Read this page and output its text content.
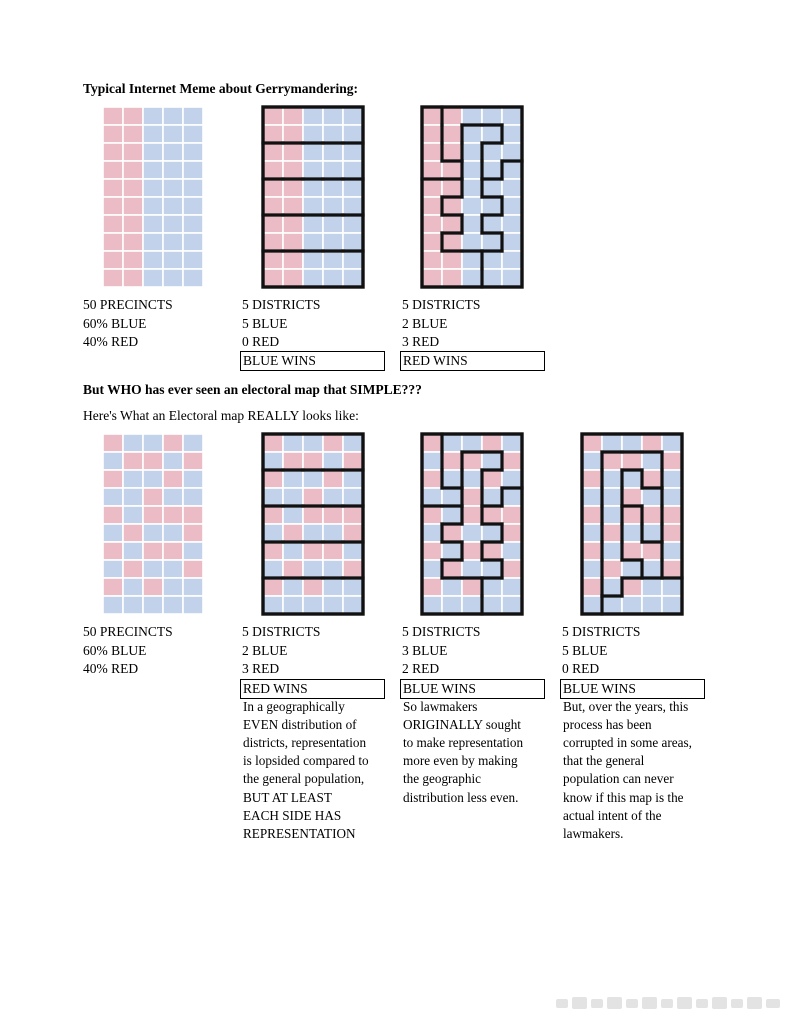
Typical Internet Meme about Gerrymandering:
But WHO has ever seen an electoral map that SIMPLE???
Here's What an Electoral map REALLY looks like:
50 PRECINCTS
60% BLUE
40% RED
5 DISTRICTS
5 BLUE
0 RED
BLUE WINS
5 DISTRICTS
2 BLUE
3 RED
RED WINS
50 PRECINCTS
60% BLUE
40% RED
5 DISTRICTS
2 BLUE
3 RED
RED WINS
In a geographically
EVEN distribution of
districts, representation
is lopsided compared to
the general population,
BUT AT LEAST
EACH SIDE HAS
REPRESENTATION
5 DISTRICTS
3 BLUE
2 RED
BLUE WINS
So lawmakers
ORIGINALLY sought
to make representation
more even by making
the geographic
distribution less even.
5 DISTRICTS
5 BLUE
0 RED
BLUE WINS
But, over the years, this
process has been
corrupted in some areas,
that the general
population can never
know if this map is the
actual intent of the
lawmakers.
